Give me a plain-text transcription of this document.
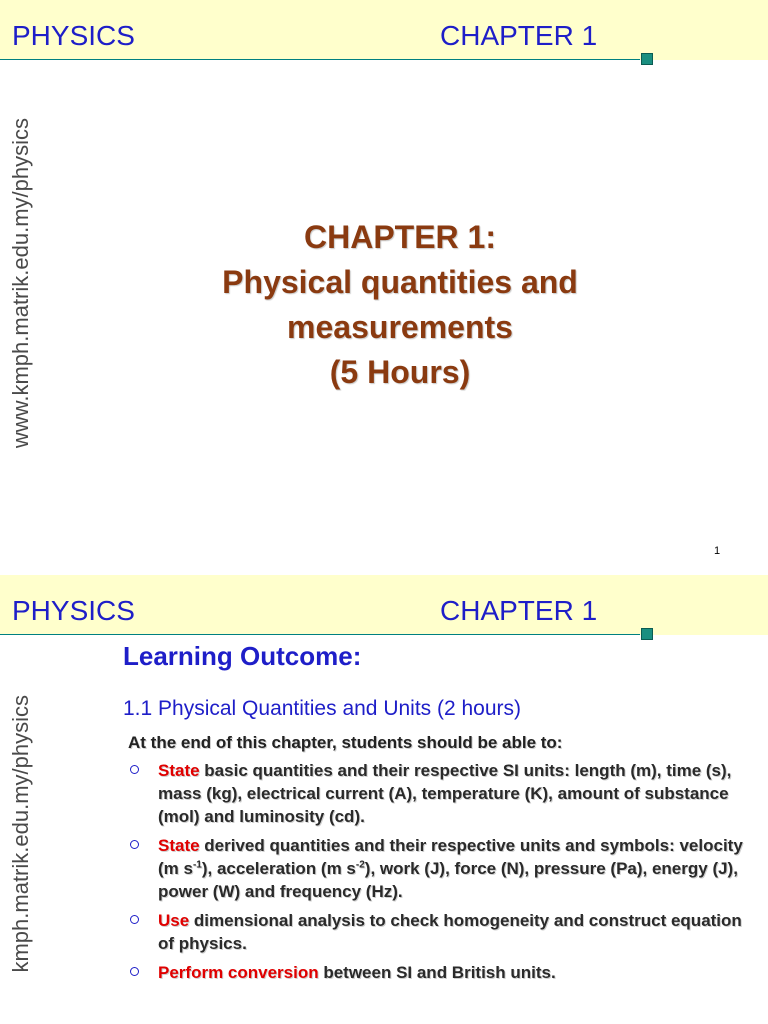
PHYSICS	CHAPTER 1
www.kmph.matrik.edu.my/physics	CHAPTER 1:
Physical quantities and
measurements
(5 Hours)
1
PHYSICS	CHAPTER 1
kmph.matrik.edu.my/physics
Learning Outcome:
1.1 Physical Quantities and Units (2 hours)
At the end of this chapter, students should be able to:
State basic quantities and their respective SI units: length (m), time (s), mass (kg), electrical current (A), temperature (K), amount of substance (mol) and luminosity (cd).
State derived quantities and their respective units and symbols: velocity (m $s^{-1}$), acceleration (m $s^{-2}$), work (J), force (N), pressure (Pa), energy (J), power (W) and frequency (Hz).
Use dimensional analysis to check homogeneity and construct equation of physics.
Perform conversion between SI and British units.
